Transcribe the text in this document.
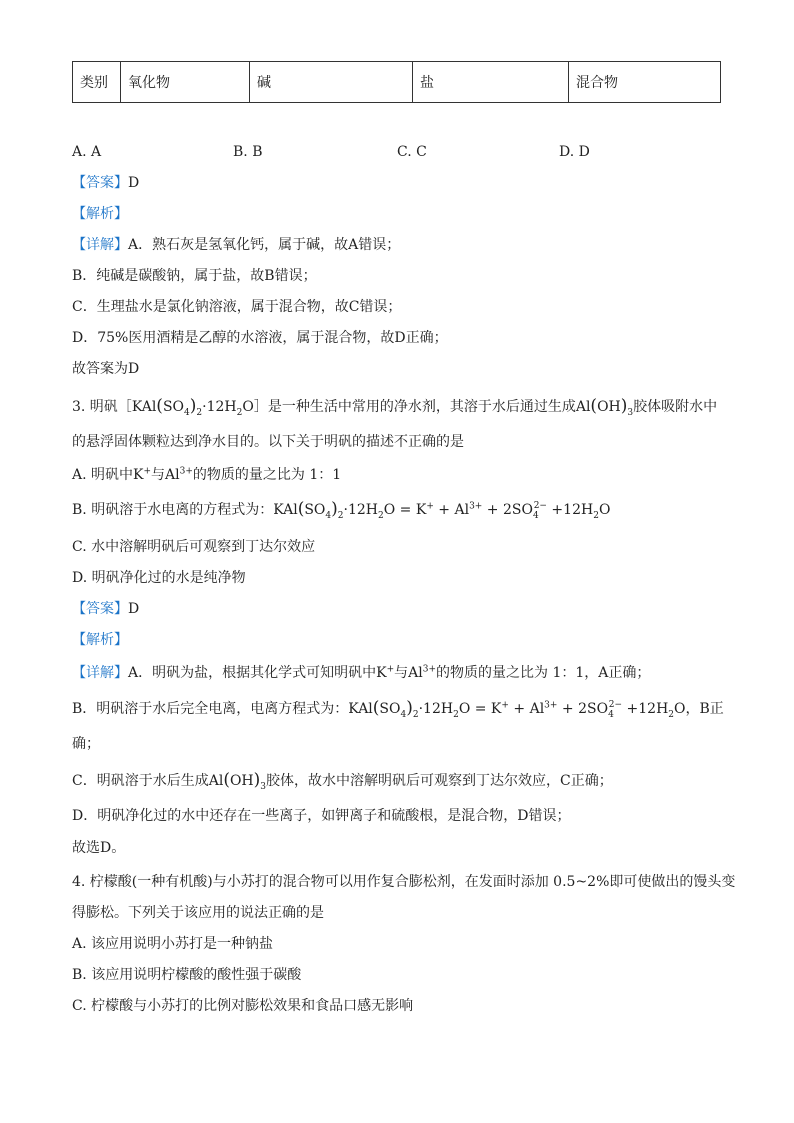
类别	氧化物	碱	盐	混合物
A. A	B. B	C. C	D. D
【答案】D
【解析】
【详解】A．熟石灰是氢氧化钙，属于碱，故A错误；
B．纯碱是碳酸钠，属于盐，故B错误；
C．生理盐水是氯化钠溶液，属于混合物，故C错误；
D．75%医用酒精是乙醇的水溶液，属于混合物，故D正确；
故答案为D
3. 明矾$[KAl(SO_4)_2\cdot 12H_2O]$是一种生活中常用的净水剂，其溶于水后通过生成$Al(OH)_3$胶体吸附水中
的悬浮固体颗粒达到净水目的。以下关于明矾的描述不正确的是
A. 明矾中K+与$Al^{3+}$的物质的量之比为 1：1
B. 明矾溶于水电离的方程式为：$KAl(SO_4)_2\cdot 12H_2O = K^+ + Al^{3+} + 2SO_4^{2-} +12H_2O$
C. 水中溶解明矾后可观察到丁达尔效应
D. 明矾净化过的水是纯净物
【答案】D
【解析】
【详解】A．明矾为盐，根据其化学式可知明矾中K+与$Al^{3+}$的物质的量之比为 1：1，A正确；
B．明矾溶于水后完全电离，电离方程式为：$KAl(SO_4)_2\cdot 12H_2O = K^+ + Al^{3+} + 2SO_4^{2-} +12H_2O$，B正
确；
C．明矾溶于水后生成$Al(OH)_3$胶体，故水中溶解明矾后可观察到丁达尔效应，C正确；
D．明矾净化过的水中还存在一些离子，如钾离子和硫酸根，是混合物，D错误；
故选D。
4. 柠檬酸(一种有机酸)与小苏打的混合物可以用作复合膨松剂，在发面时添加 0.5~2%即可使做出的馒头变
得膨松。下列关于该应用的说法正确的是
A. 该应用说明小苏打是一种钠盐
B. 该应用说明柠檬酸的酸性强于碳酸
C. 柠檬酸与小苏打的比例对膨松效果和食品口感无影响
